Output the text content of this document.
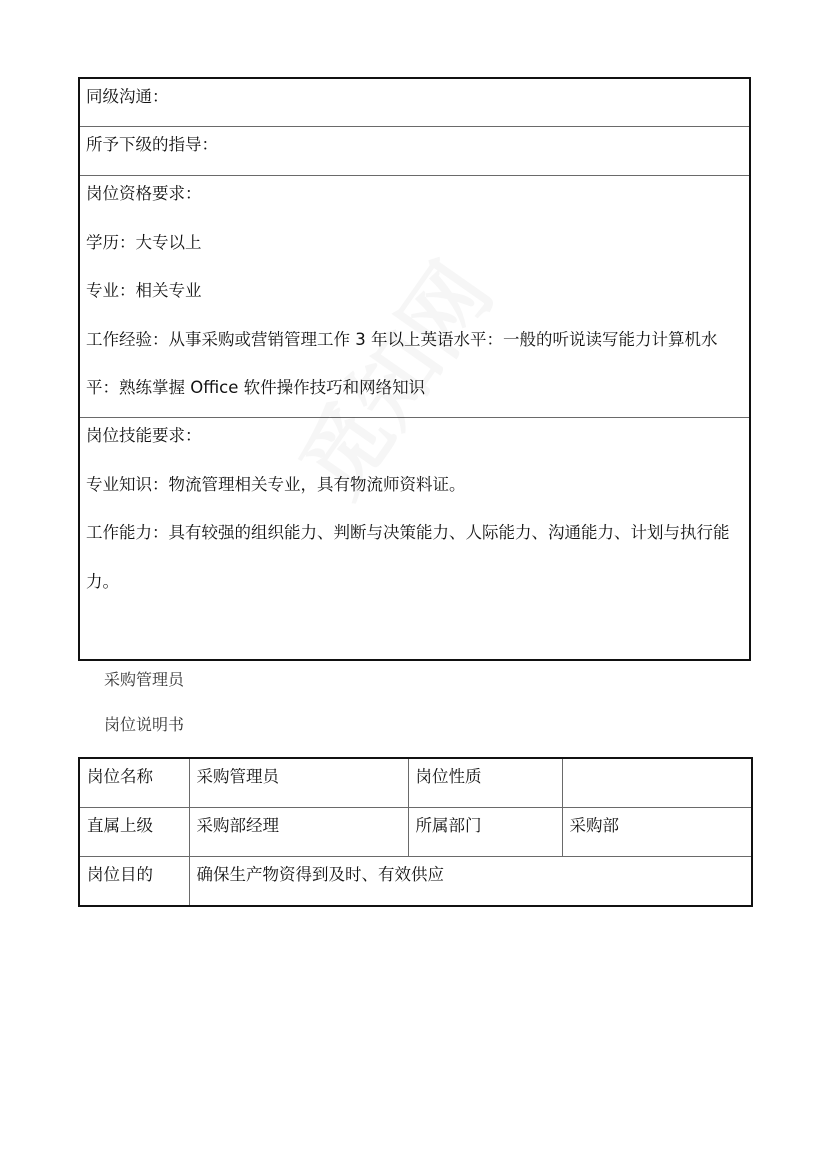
同级沟通：
所予下级的指导：
岗位资格要求：
学历：大专以上
专业：相关专业
工作经验：从事采购或营销管理工作 3 年以上英语水平：一般的听说读写能力计算机水
平：熟练掌握 Office 软件操作技巧和网络知识
岗位技能要求：
专业知识：物流管理相关专业，具有物流师资料证。
工作能力：具有较强的组织能力、判断与决策能力、人际能力、沟通能力、计划与执行能
力。
采购管理员
岗位说明书
岗位名称	采购管理员	岗位性质	
直属上级	采购部经理	所属部门	采购部
岗位目的	确保生产物资得到及时、有效供应		
